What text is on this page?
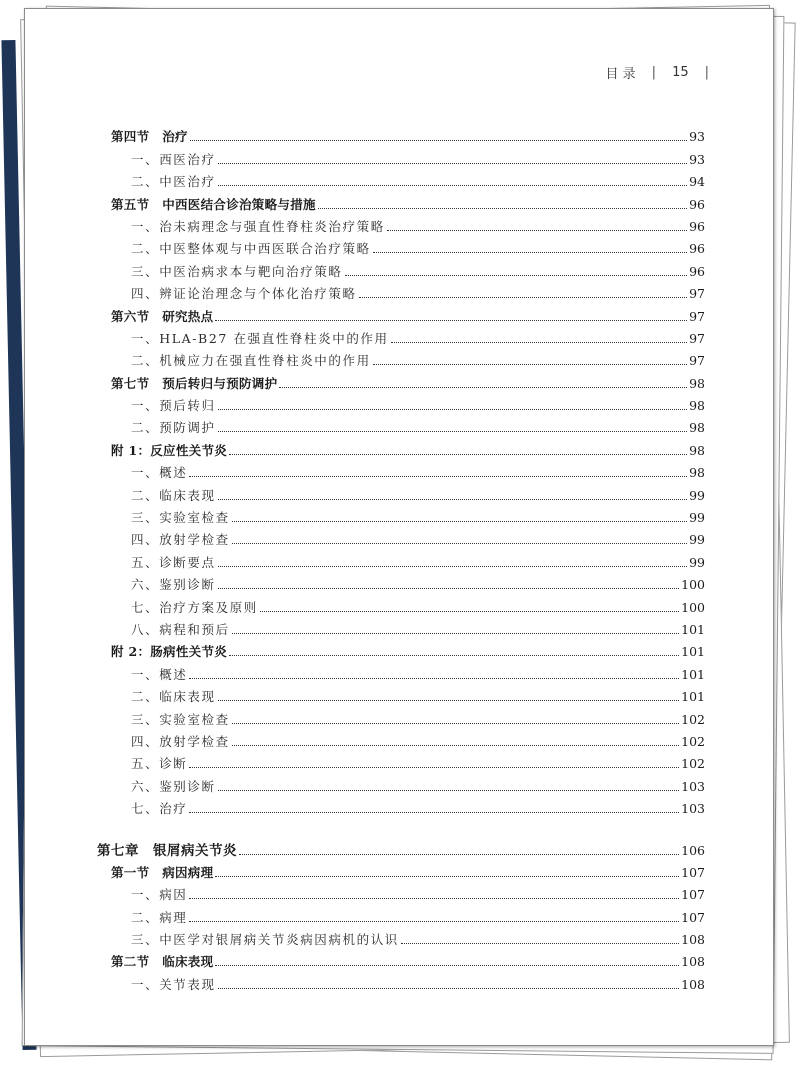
目 录 | 15 |
第四节　治疗	93
一、西医治疗	93
二、中医治疗	94
第五节　中西医结合诊治策略与措施	96
一、治未病理念与强直性脊柱炎治疗策略	96
二、中医整体观与中西医联合治疗策略	96
三、中医治病求本与靶向治疗策略	96
四、辨证论治理念与个体化治疗策略	97
第六节　研究热点	97
一、HLA-B27 在强直性脊柱炎中的作用	97
二、机械应力在强直性脊柱炎中的作用	97
第七节　预后转归与预防调护	98
一、预后转归	98
二、预防调护	98
附 1：反应性关节炎	98
一、概述	98
二、临床表现	99
三、实验室检查	99
四、放射学检查	99
五、诊断要点	99
六、鉴别诊断	100
七、治疗方案及原则	100
八、病程和预后	101
附 2：肠病性关节炎	101
一、概述	101
二、临床表现	101
三、实验室检查	102
四、放射学检查	102
五、诊断	102
六、鉴别诊断	103
七、治疗	103
第七章　银屑病关节炎	106
第一节　病因病理	107
一、病因	107
二、病理	107
三、中医学对银屑病关节炎病因病机的认识	108
第二节　临床表现	108
一、关节表现	108
